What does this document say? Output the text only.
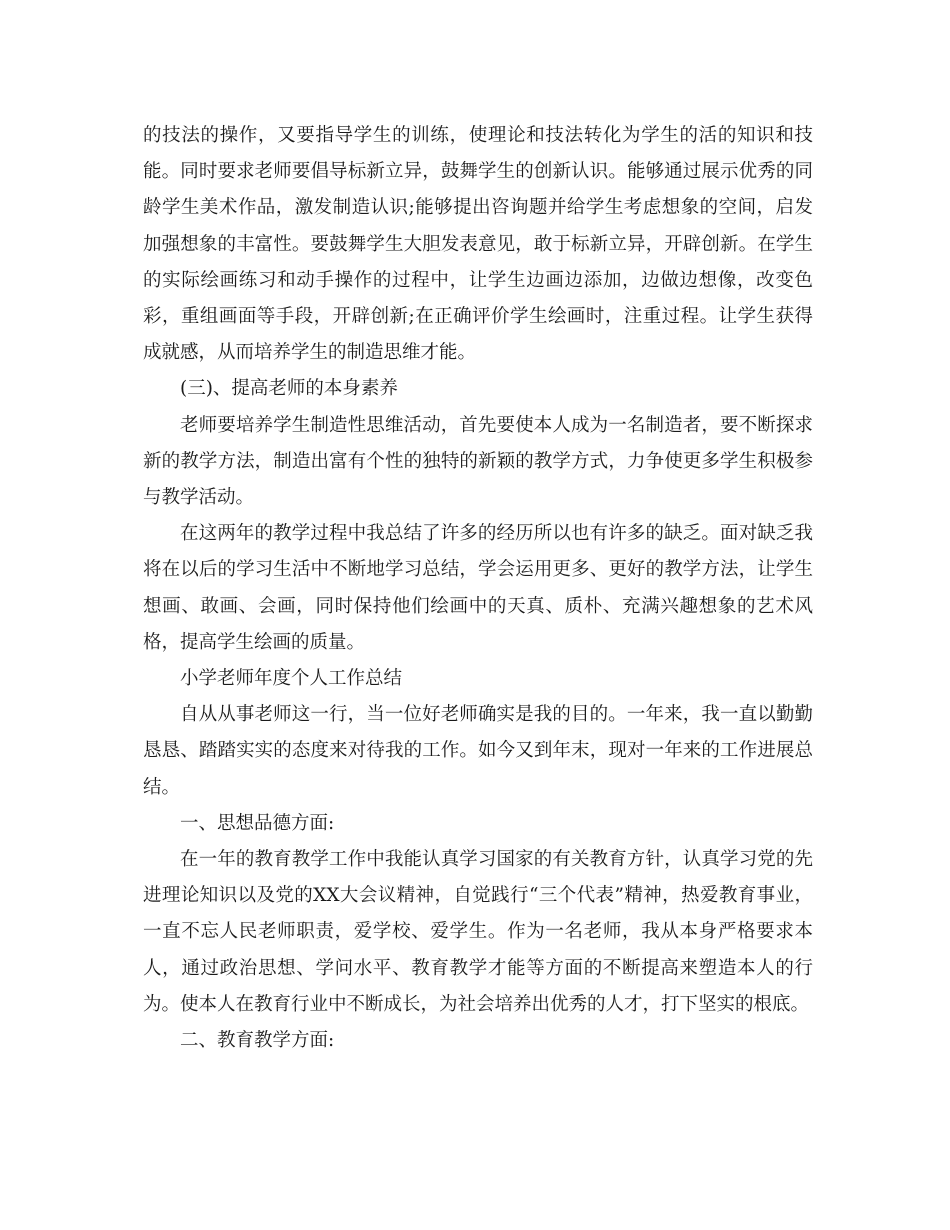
的技法的操作，又要指导学生的训练，使理论和技法转化为学生的活的知识和技能。同时要求老师要倡导标新立异，鼓舞学生的创新认识。能够通过展示优秀的同龄学生美术作品，激发制造认识;能够提出咨询题并给学生考虑想象的空间，启发加强想象的丰富性。要鼓舞学生大胆发表意见，敢于标新立异，开辟创新。在学生的实际绘画练习和动手操作的过程中，让学生边画边添加，边做边想像，改变色彩，重组画面等手段，开辟创新;在正确评价学生绘画时，注重过程。让学生获得成就感，从而培养学生的制造思维才能。

(三)、提高老师的本身素养

老师要培养学生制造性思维活动，首先要使本人成为一名制造者，要不断探求新的教学方法，制造出富有个性的独特的新颖的教学方式，力争使更多学生积极参与教学活动。

在这两年的教学过程中我总结了许多的经历所以也有许多的缺乏。面对缺乏我将在以后的学习生活中不断地学习总结，学会运用更多、更好的教学方法，让学生想画、敢画、会画，同时保持他们绘画中的天真、质朴、充满兴趣想象的艺术风格，提高学生绘画的质量。

小学老师年度个人工作总结

自从从事老师这一行，当一位好老师确实是我的目的。一年来，我一直以勤勤恳恳、踏踏实实的态度来对待我的工作。如今又到年末，现对一年来的工作进展总结。

一、思想品德方面:

在一年的教育教学工作中我能认真学习国家的有关教育方针，认真学习党的先进理论知识以及党的XX大会议精神，自觉践行“三个代表”精神，热爱教育事业，一直不忘人民老师职责，爱学校、爱学生。作为一名老师，我从本身严格要求本人，通过政治思想、学问水平、教育教学才能等方面的不断提高来塑造本人的行为。使本人在教育行业中不断成长，为社会培养出优秀的人才，打下坚实的根底。

二、教育教学方面:
